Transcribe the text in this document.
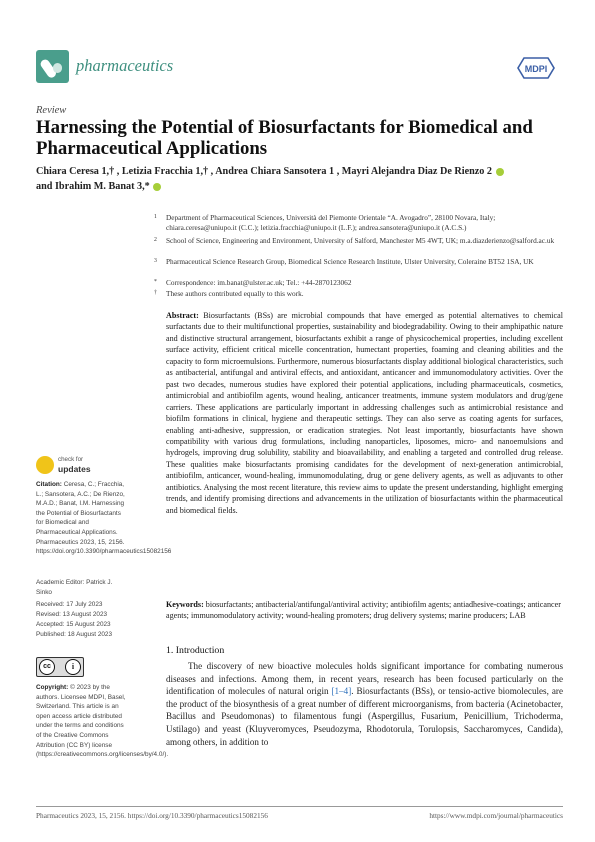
pharmaceutics	MDPI
Review
Harnessing the Potential of Biosurfactants for Biomedical and Pharmaceutical Applications
Chiara Ceresa 1,† , Letizia Fracchia 1,† , Andrea Chiara Sansotera 1 , Mayri Alejandra Diaz De Rienzo 2
and Ibrahim M. Banat 3,*
1 Department of Pharmaceutical Sciences, Università del Piemonte Orientale “A. Avogadro”, 28100 Novara, Italy; chiara.ceresa@uniupo.it (C.C.); letizia.fracchia@uniupo.it (L.F.); andrea.sansotera@uniupo.it (A.C.S.)
2 School of Science, Engineering and Environment, University of Salford, Manchester M5 4WT, UK; m.a.diazderienzo@salford.ac.uk
3 Pharmaceutical Science Research Group, Biomedical Science Research Institute, Ulster University, Coleraine BT52 1SA, UK
* Correspondence: im.banat@ulster.ac.uk; Tel.: +44-2870123062
† These authors contributed equally to this work.
Abstract: Biosurfactants (BSs) are microbial compounds that have emerged as potential alternatives to chemical surfactants due to their multifunctional properties, sustainability and biodegradability. Owing to their amphipathic nature and distinctive structural arrangement, biosurfactants exhibit a range of physicochemical properties, including excellent surface activity, efficient critical micelle concentration, humectant properties, foaming and cleaning abilities and the capacity to form microemulsions. Furthermore, numerous biosurfactants display additional biological characteristics, such as antibacterial, antifungal and antiviral effects, and antioxidant, anticancer and immunomodulatory activities. Over the past two decades, numerous studies have explored their potential applications, including pharmaceuticals, cosmetics, antimicrobial and antibiofilm agents, wound healing, anticancer treatments, immune system modulators and drug/gene carriers. These applications are particularly important in addressing challenges such as antimicrobial resistance and biofilm formations in clinical, hygiene and therapeutic settings. They can also serve as coating agents for surfaces, enabling anti-adhesive, suppression, or eradication strategies. Not least importantly, biosurfactants have shown compatibility with various drug formulations, including nanoparticles, liposomes, micro- and nanoemulsions and hydrogels, improving drug solubility, stability and bioavailability, and enabling a targeted and controlled drug release. These qualities make biosurfactants promising candidates for the development of next-generation antimicrobial, antibiofilm, anticancer, wound-healing, immunomodulating, drug or gene delivery agents, as well as adjuvants to other antibiotics. Analysing the most recent literature, this review aims to update the present understanding, highlight emerging trends, and identify promising directions and advancements in the utilization of biosurfactants within the pharmaceutical and biomedical fields.
Keywords: biosurfactants; antibacterial/antifungal/antiviral activity; antibiofilm agents; antiadhesive-coatings; anticancer agents; immunomodulatory activity; wound-healing promoters; drug delivery systems; marine producers; LAB
check for
updates
Citation: Ceresa, C.; Fracchia, L.; Sansotera, A.C.; De Rienzo, M.A.D.; Banat, I.M. Harnessing the Potential of Biosurfactants for Biomedical and Pharmaceutical Applications. Pharmaceutics 2023, 15, 2156. https://doi.org/10.3390/pharmaceutics15082156
Academic Editor: Patrick J. Sinko
Received: 17 July 2023
Revised: 13 August 2023
Accepted: 15 August 2023
Published: 18 August 2023
cc	i
Copyright: © 2023 by the authors. Licensee MDPI, Basel, Switzerland. This article is an open access article distributed under the terms and conditions of the Creative Commons Attribution (CC BY) license (https://creativecommons.org/licenses/by/4.0/).
1. Introduction
The discovery of new bioactive molecules holds significant importance for combating numerous diseases and infections. Among them, in recent years, research has been focused particularly on the identification of molecules of natural origin [1–4]. Biosurfactants (BSs), or tensio-active biomolecules, are the product of the biosynthesis of a great number of different microorganisms, from bacteria (Acinetobacter, Bacillus and Pseudomonas) to filamentous fungi (Aspergillus, Fusarium, Penicillium, Trichoderma, Ustilago) and yeast (Kluyveromyces, Pseudozyma, Rhodotorula, Torulopsis, Saccharomyces, Candida), among others, in addition to
Pharmaceutics 2023, 15, 2156. https://doi.org/10.3390/pharmaceutics15082156	https://www.mdpi.com/journal/pharmaceutics
